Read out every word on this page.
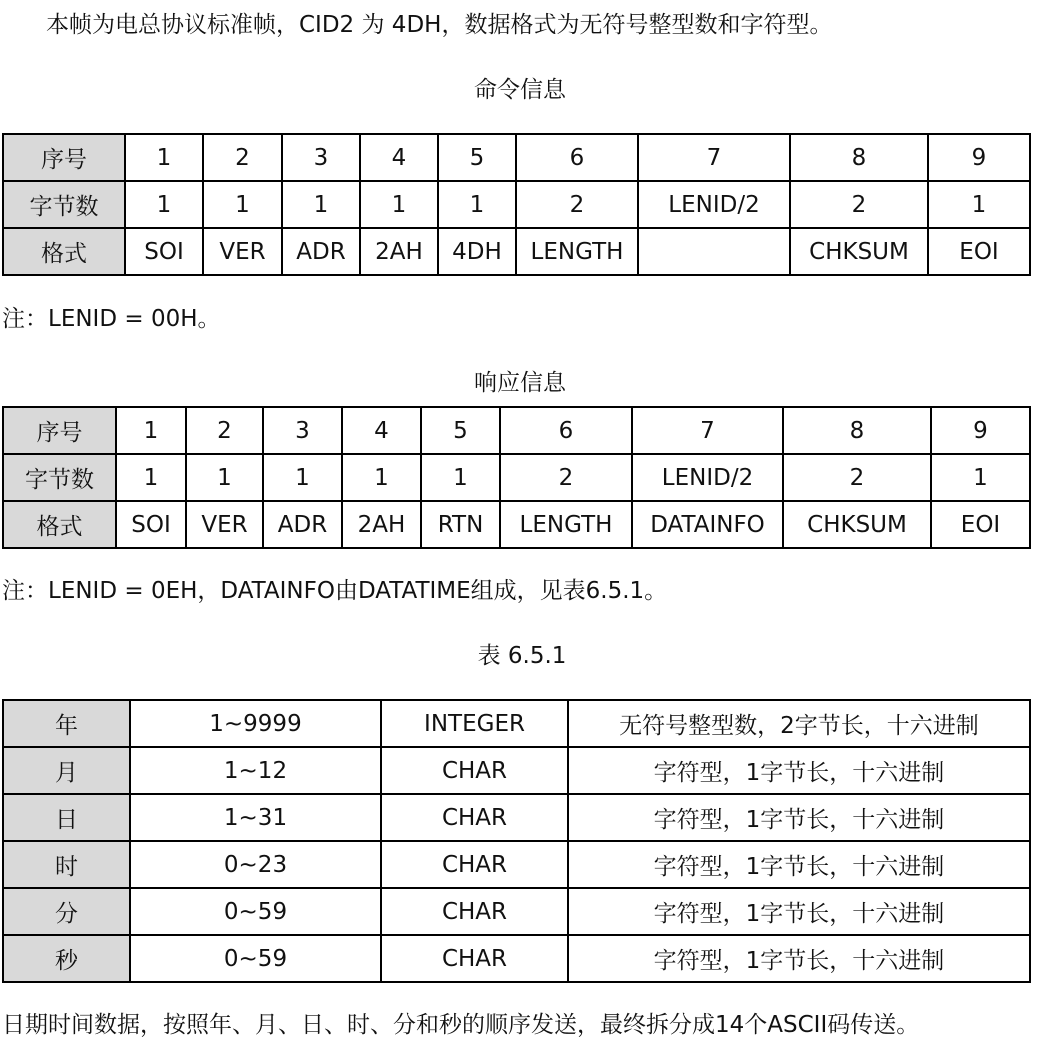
本帧为电总协议标准帧，CID2 为 4DH，数据格式为无符号整型数和字符型。
命令信息
序号	1	2	3	4	5	6	7	8	9
字节数	1	1	1	1	1	2	LENID/2	2	1
格式	SOI	VER	ADR	2AH	4DH	LENGTH		CHKSUM	EOI
注：LENID = 00H。
响应信息
序号	1	2	3	4	5	6	7	8	9
字节数	1	1	1	1	1	2	LENID/2	2	1
格式	SOI	VER	ADR	2AH	RTN	LENGTH	DATAINFO	CHKSUM	EOI
注：LENID = 0EH，DATAINFO由DATATIME组成，见表6.5.1。
表 6.5.1
年	1~9999	INTEGER	无符号整型数，2字节长，十六进制
月	1~12	CHAR	字符型，1字节长，十六进制
日	1~31	CHAR	字符型，1字节长，十六进制
时	0~23	CHAR	字符型，1字节长，十六进制
分	0~59	CHAR	字符型，1字节长，十六进制
秒	0~59	CHAR	字符型，1字节长，十六进制
日期时间数据，按照年、月、日、时、分和秒的顺序发送，最终拆分成14个ASCII码传送。
